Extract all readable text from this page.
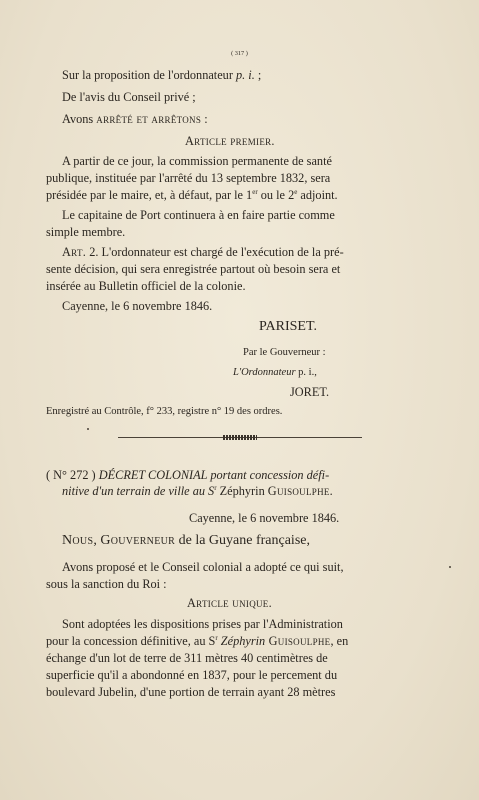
( 317 )
Sur la proposition de l'ordonnateur p. i. ;
De l'avis du Conseil privé ;
Avons arrêté et arrêtons :
Article premier.
A partir de ce jour, la commission permanente de santé
publique, instituée par l'arrêté du 13 septembre 1832, sera
présidée par le maire, et, à défaut, par le 1er ou le 2e adjoint.
Le capitaine de Port continuera à en faire partie comme
simple membre.
Art. 2. L'ordonnateur est chargé de l'exécution de la pré-
sente décision, qui sera enregistrée partout où besoin sera et
insérée au Bulletin officiel de la colonie.
Cayenne, le 6 novembre 1846.
PARISET.
Par le Gouverneur :
L'Ordonnateur p. i.,
JORET.
Enregistré au Contrôle, f° 233, registre n° 19 des ordres.
( N° 272 ) DÉCRET COLONIAL portant concession défi-
nitive d'un terrain de ville au $S^r$ Zéphyrin Guisoulphe.
Cayenne, le 6 novembre 1846.
Nous, Gouverneur de la Guyane française,
Avons proposé et le Conseil colonial a adopté ce qui suit,
sous la sanction du Roi :
Article unique.
Sont adoptées les dispositions prises par l'Administration
pour la concession définitive, au $S^r$ Zéphyrin Guisoulphe, en
échange d'un lot de terre de 311 mètres 40 centimètres de
superficie qu'il a abondonné en 1837, pour le percement du
boulevard Jubelin, d'une portion de terrain ayant 28 mètres
